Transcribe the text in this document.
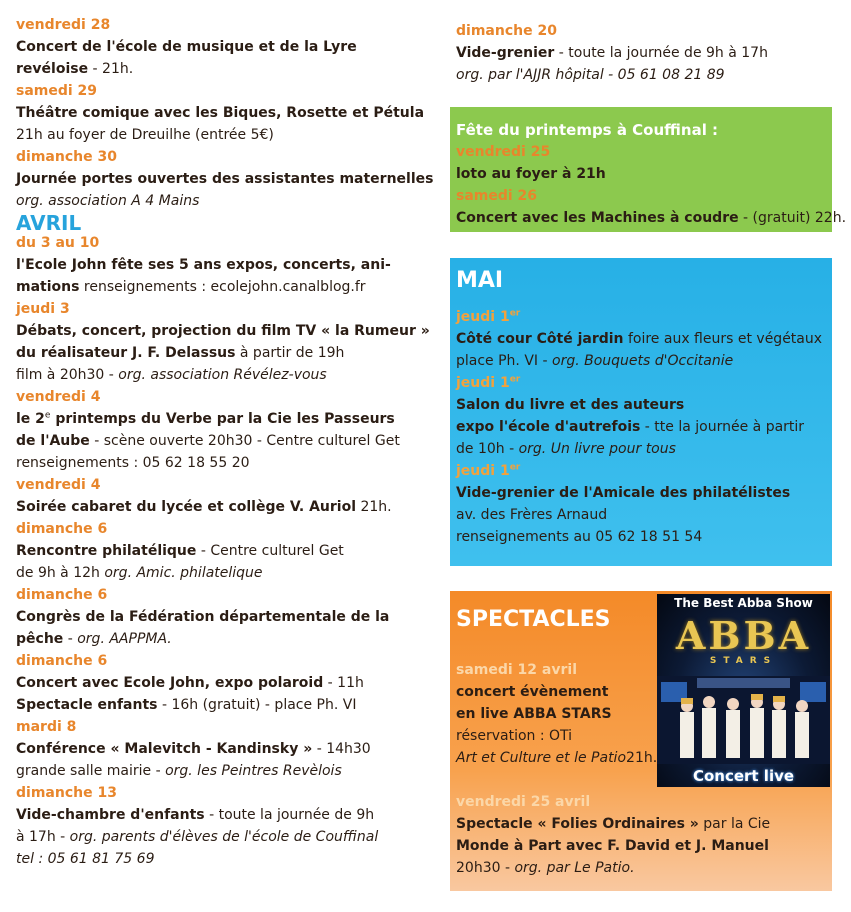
vendredi 28
Concert de l'école de musique et de la Lyre
revéloise - 21h.
samedi 29
Théâtre comique avec les Biques, Rosette et Pétula
21h au foyer de Dreuilhe (entrée 5€)
dimanche 30
Journée portes ouvertes des assistantes maternelles
org. association A 4 Mains
AVRIL
du 3 au 10
l'Ecole John fête ses 5 ans expos, concerts, ani-
mations renseignements : ecolejohn.canalblog.fr
jeudi 3
Débats, concert, projection du film TV « la Rumeur »
du réalisateur J. F. Delassus à partir de 19h
film à 20h30 - org. association Révélez-vous
vendredi 4
le 2e printemps du Verbe par la Cie les Passeurs
de l'Aube - scène ouverte 20h30 - Centre culturel Get
renseignements : 05 62 18 55 20
vendredi 4
Soirée cabaret du lycée et collège V. Auriol 21h.
dimanche 6
Rencontre philatélique - Centre culturel Get
de 9h à 12h org. Amic. philatelique
dimanche 6
Congrès de la Fédération départementale de la
pêche - org. AAPPMA.
dimanche 6
Concert avec Ecole John, expo polaroid - 11h
Spectacle enfants - 16h (gratuit) - place Ph. VI
mardi 8
Conférence « Malevitch - Kandinsky » - 14h30
grande salle mairie - org. les Peintres Revèlois
dimanche 13
Vide-chambre d'enfants - toute la journée de 9h
à 17h - org. parents d'élèves de l'école de Couffinal
tel : 05 61 81 75 69
dimanche 20
Vide-grenier - toute la journée de 9h à 17h
org. par l'AJJR hôpital - 05 61 08 21 89
Fête du printemps à Couffinal :
vendredi 25
loto au foyer à 21h
samedi 26
Concert avec les Machines à coudre - (gratuit) 22h.
MAI
jeudi 1er
Côté cour Côté jardin foire aux fleurs et végétaux
place Ph. VI - org. Bouquets d'Occitanie
jeudi 1er
Salon du livre et des auteurs
expo l'école d'autrefois - tte la journée à partir
de 10h - org. Un livre pour tous
jeudi 1er
Vide-grenier de l'Amicale des philatélistes
av. des Frères Arnaud
renseignements au 05 62 18 51 54
SPECTACLES
samedi 12 avril
concert évènement
en live ABBA STARS
réservation : OTi
Art et Culture et le Patio21h.
vendredi 25 avril
Spectacle « Folies Ordinaires » par la Cie
Monde à Part avec F. David et J. Manuel
20h30 - org. par Le Patio.
The Best Abba Show
ABBA
STARS
Concert live
